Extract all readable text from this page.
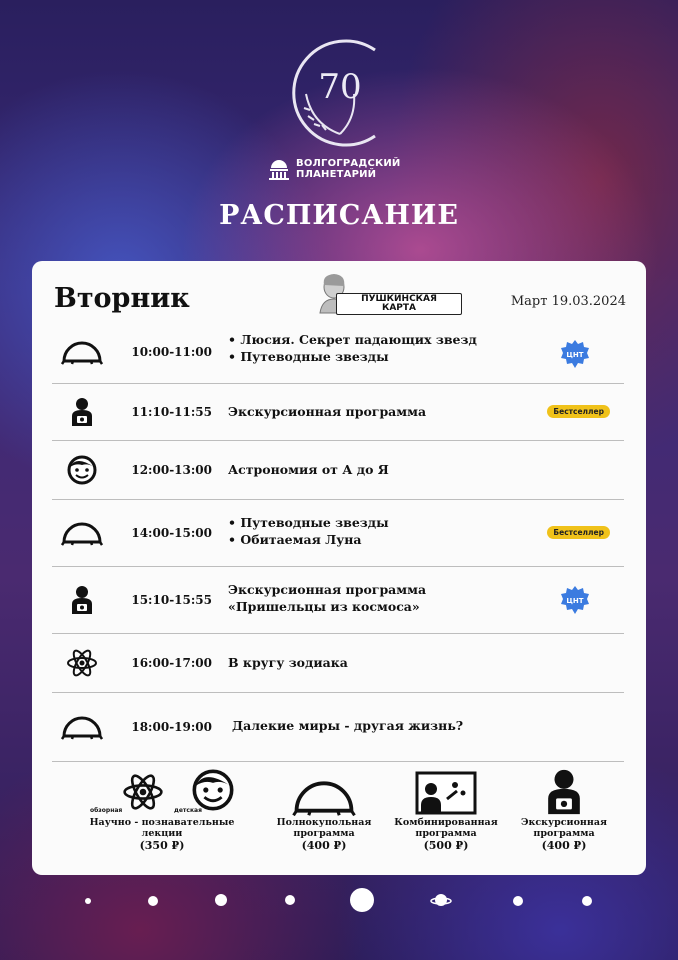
70
ВОЛГОГРАДСКИЙ
ПЛАНЕТАРИЙ
РАСПИСАНИЕ
Вторник	ПУШКИНСКАЯ
КАРТА	Март 19.03.2024
10:00-11:00
• Люсия. Секрет падающих звезд
• Путеводные звезды	ЦНТ
11:10-11:55 Экскурсионная программа	Бестселлер
12:00-13:00 Астрономия от А до Я
14:00-15:00
• Путеводные звезды
• Обитаемая Луна	Бестселлер
15:10-15:55
Экскурсионная программа
«Пришельцы из космоса»	ЦНТ
16:00-17:00 В кругу зодиака
18:00-19:00 Далекие миры - другая жизнь?
обзорная	детская
Научно - познавательные
лекции
(350 ₽)
Полнокупольная
программа
(400 ₽)
Комбинированная
программа
(500 ₽)
Экскурсионная
программа
(400 ₽)
